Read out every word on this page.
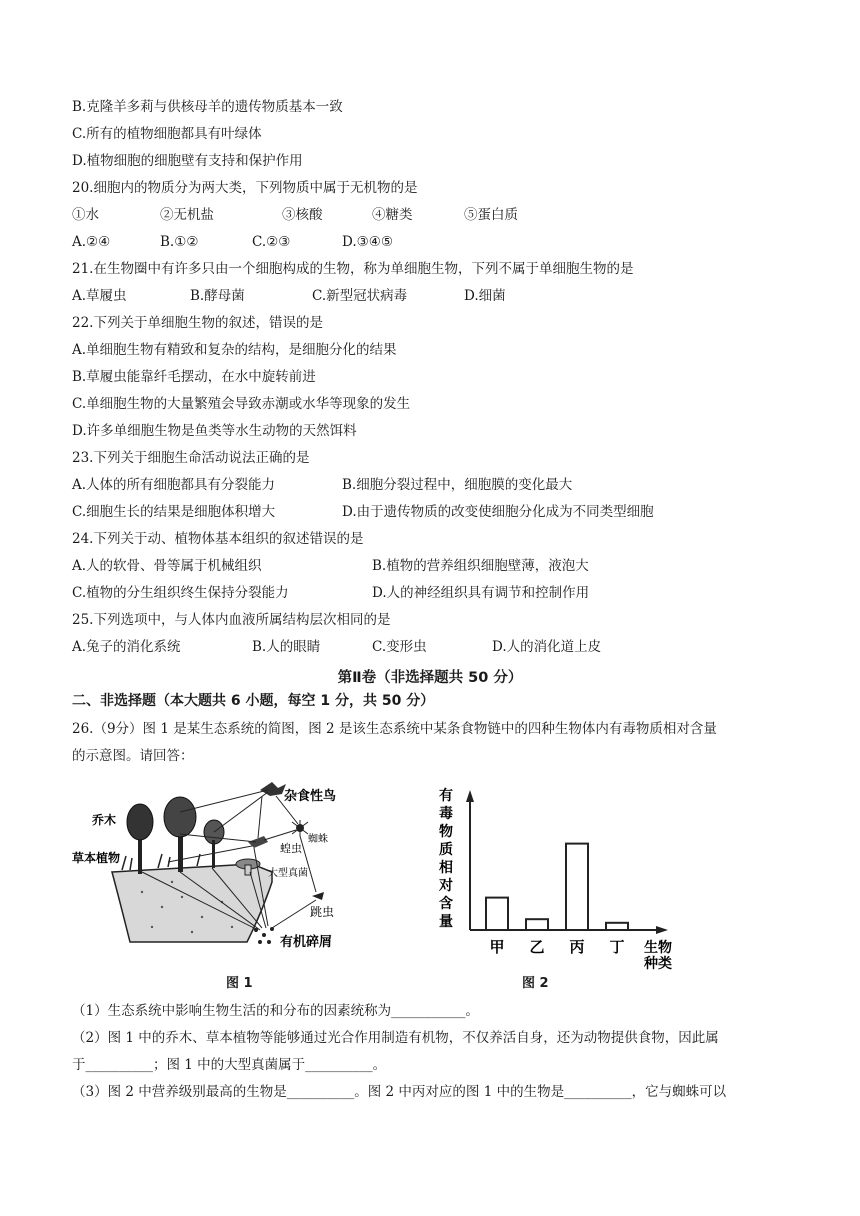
B.克隆羊多莉与供核母羊的遗传物质基本一致
C.所有的植物细胞都具有叶绿体
D.植物细胞的细胞壁有支持和保护作用
20.细胞内的物质分为两大类，下列物质中属于无机物的是
①水	②无机盐	③核酸	④糖类	⑤蛋白质
A.②④	B.①②	C.②③	D.③④⑤
21.在生物圈中有许多只由一个细胞构成的生物，称为单细胞生物，下列不属于单细胞生物的是
A.草履虫	B.酵母菌	C.新型冠状病毒	D.细菌
22.下列关于单细胞生物的叙述，错误的是
A.单细胞生物有精致和复杂的结构，是细胞分化的结果
B.草履虫能靠纤毛摆动，在水中旋转前进
C.单细胞生物的大量繁殖会导致赤潮或水华等现象的发生
D.许多单细胞生物是鱼类等水生动物的天然饵料
23.下列关于细胞生命活动说法正确的是
A.人体的所有细胞都具有分裂能力	B.细胞分裂过程中，细胞膜的变化最大
C.细胞生长的结果是细胞体积增大	D.由于遗传物质的改变使细胞分化成为不同类型细胞
24.下列关于动、植物体基本组织的叙述错误的是
A.人的软骨、骨等属于机械组织	B.植物的营养组织细胞壁薄，液泡大
C.植物的分生组织终生保持分裂能力	D.人的神经组织具有调节和控制作用
25.下列选项中，与人体内血液所属结构层次相同的是
A.兔子的消化系统	B.人的眼睛	C.变形虫	D.人的消化道上皮
第Ⅱ卷（非选择题共 50 分）
二、非选择题（本大题共 6 小题，每空 1 分，共 50 分）
26.（9分）图 1 是某生态系统的简图，图 2 是该生态系统中某条食物链中的四种生物体内有毒物质相对含量
的示意图。请回答：
杂食性鸟
乔木
蜘蛛
蝗虫
草本植物
大型真菌
跳虫
有机碎屑
图 1
甲 乙 丙 丁
有
毒
物
质
相
对
含
量
生物
种类
图 2
（1）生态系统中影响生物生活的和分布的因素统称为___________。
（2）图 1 中的乔木、草本植物等能够通过光合作用制造有机物，不仅养活自身，还为动物提供食物，因此属
于__________；图 1 中的大型真菌属于__________。
（3）图 2 中营养级别最高的生物是__________。图 2 中丙对应的图 1 中的生物是__________，它与蜘蛛可以
